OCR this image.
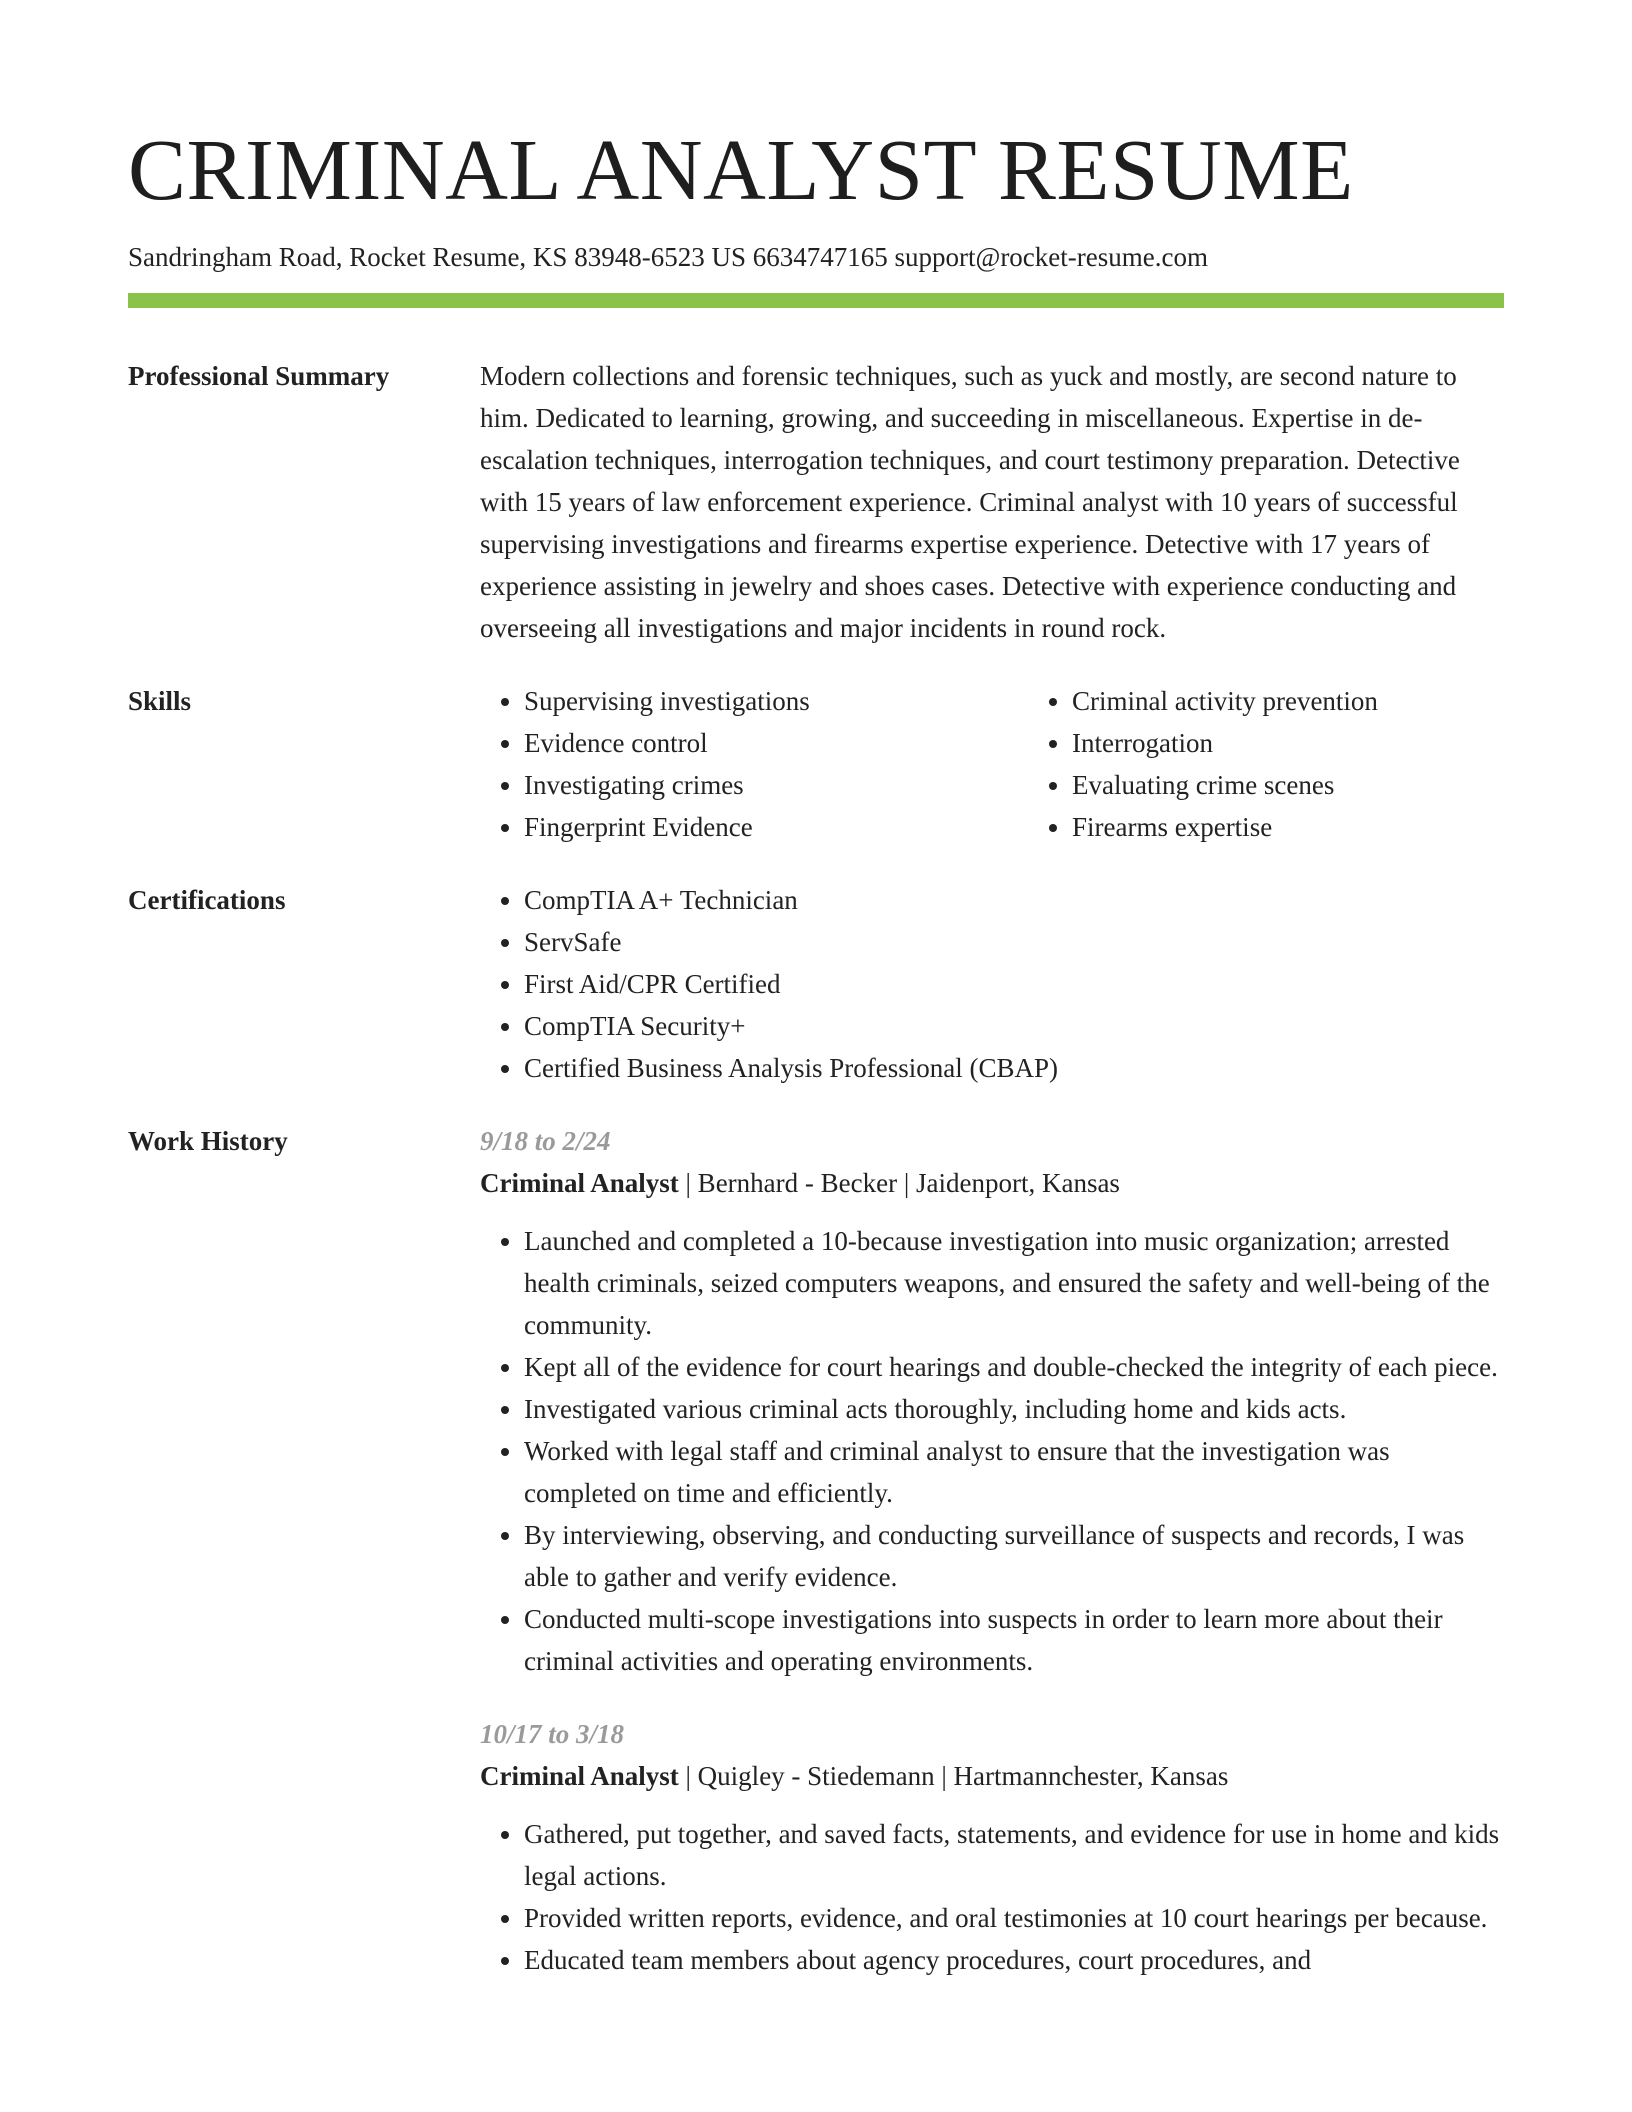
CRIMINAL ANALYST RESUME
Sandringham Road, Rocket Resume, KS 83948-6523 US 6634747165 support@rocket-resume.com
Professional Summary	Modern collections and forensic techniques, such as yuck and mostly, are second nature to him. Dedicated to learning, growing, and succeeding in miscellaneous. Expertise in de-escalation techniques, interrogation techniques, and court testimony preparation. Detective with 15 years of law enforcement experience. Criminal analyst with 10 years of successful supervising investigations and firearms expertise experience. Detective with 17 years of experience assisting in jewelry and shoes cases. Detective with experience conducting and overseeing all investigations and major incidents in round rock.

Skills	• Supervising investigations
• Evidence control
• Investigating crimes
• Fingerprint Evidence
• Criminal activity prevention
• Interrogation
• Evaluating crime scenes
• Firearms expertise
Certifications	• CompTIA A+ Technician
• ServSafe
• First Aid/CPR Certified
• CompTIA Security+
• Certified Business Analysis Professional (CBAP)
Work History	9/18 to 2/24
Criminal Analyst | Bernhard - Becker | Jaidenport, Kansas
• Launched and completed a 10-because investigation into music organization; arrested health criminals, seized computers weapons, and ensured the safety and well-being of the community.
• Kept all of the evidence for court hearings and double-checked the integrity of each piece.
• Investigated various criminal acts thoroughly, including home and kids acts.
• Worked with legal staff and criminal analyst to ensure that the investigation was completed on time and efficiently.
• By interviewing, observing, and conducting surveillance of suspects and records, I was able to gather and verify evidence.
• Conducted multi-scope investigations into suspects in order to learn more about their criminal activities and operating environments.
10/17 to 3/18
Criminal Analyst | Quigley - Stiedemann | Hartmannchester, Kansas
• Gathered, put together, and saved facts, statements, and evidence for use in home and kids legal actions.
• Provided written reports, evidence, and oral testimonies at 10 court hearings per because.
• Educated team members about agency procedures, court procedures, and
